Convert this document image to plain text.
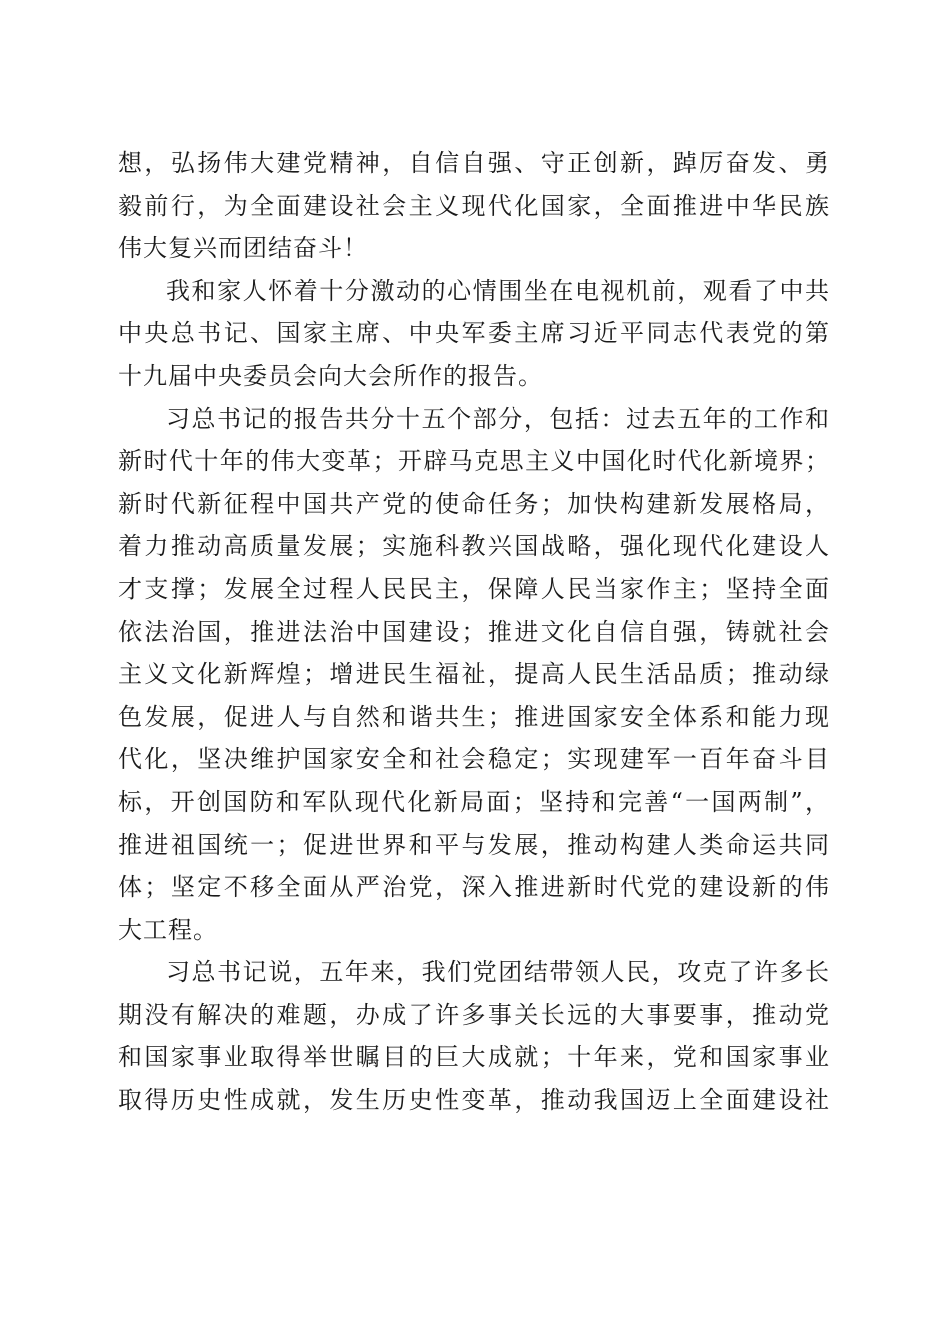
想，弘扬伟大建党精神，自信自强、守正创新，踔厉奋发、勇
毅前行，为全面建设社会主义现代化国家，全面推进中华民族
伟大复兴而团结奋斗！
我和家人怀着十分激动的心情围坐在电视机前，观看了中共
中央总书记、国家主席、中央军委主席习近平同志代表党的第
十九届中央委员会向大会所作的报告。
习总书记的报告共分十五个部分，包括：过去五年的工作和
新时代十年的伟大变革；开辟马克思主义中国化时代化新境界；
新时代新征程中国共产党的使命任务；加快构建新发展格局，
着力推动高质量发展；实施科教兴国战略，强化现代化建设人
才支撑；发展全过程人民民主，保障人民当家作主；坚持全面
依法治国，推进法治中国建设；推进文化自信自强，铸就社会
主义文化新辉煌；增进民生福祉，提高人民生活品质；推动绿
色发展，促进人与自然和谐共生；推进国家安全体系和能力现
代化，坚决维护国家安全和社会稳定；实现建军一百年奋斗目
标，开创国防和军队现代化新局面；坚持和完善“一国两制”，
推进祖国统一；促进世界和平与发展，推动构建人类命运共同
体；坚定不移全面从严治党，深入推进新时代党的建设新的伟
大工程。
习总书记说，五年来，我们党团结带领人民，攻克了许多长
期没有解决的难题，办成了许多事关长远的大事要事，推动党
和国家事业取得举世瞩目的巨大成就；十年来，党和国家事业
取得历史性成就，发生历史性变革，推动我国迈上全面建设社
